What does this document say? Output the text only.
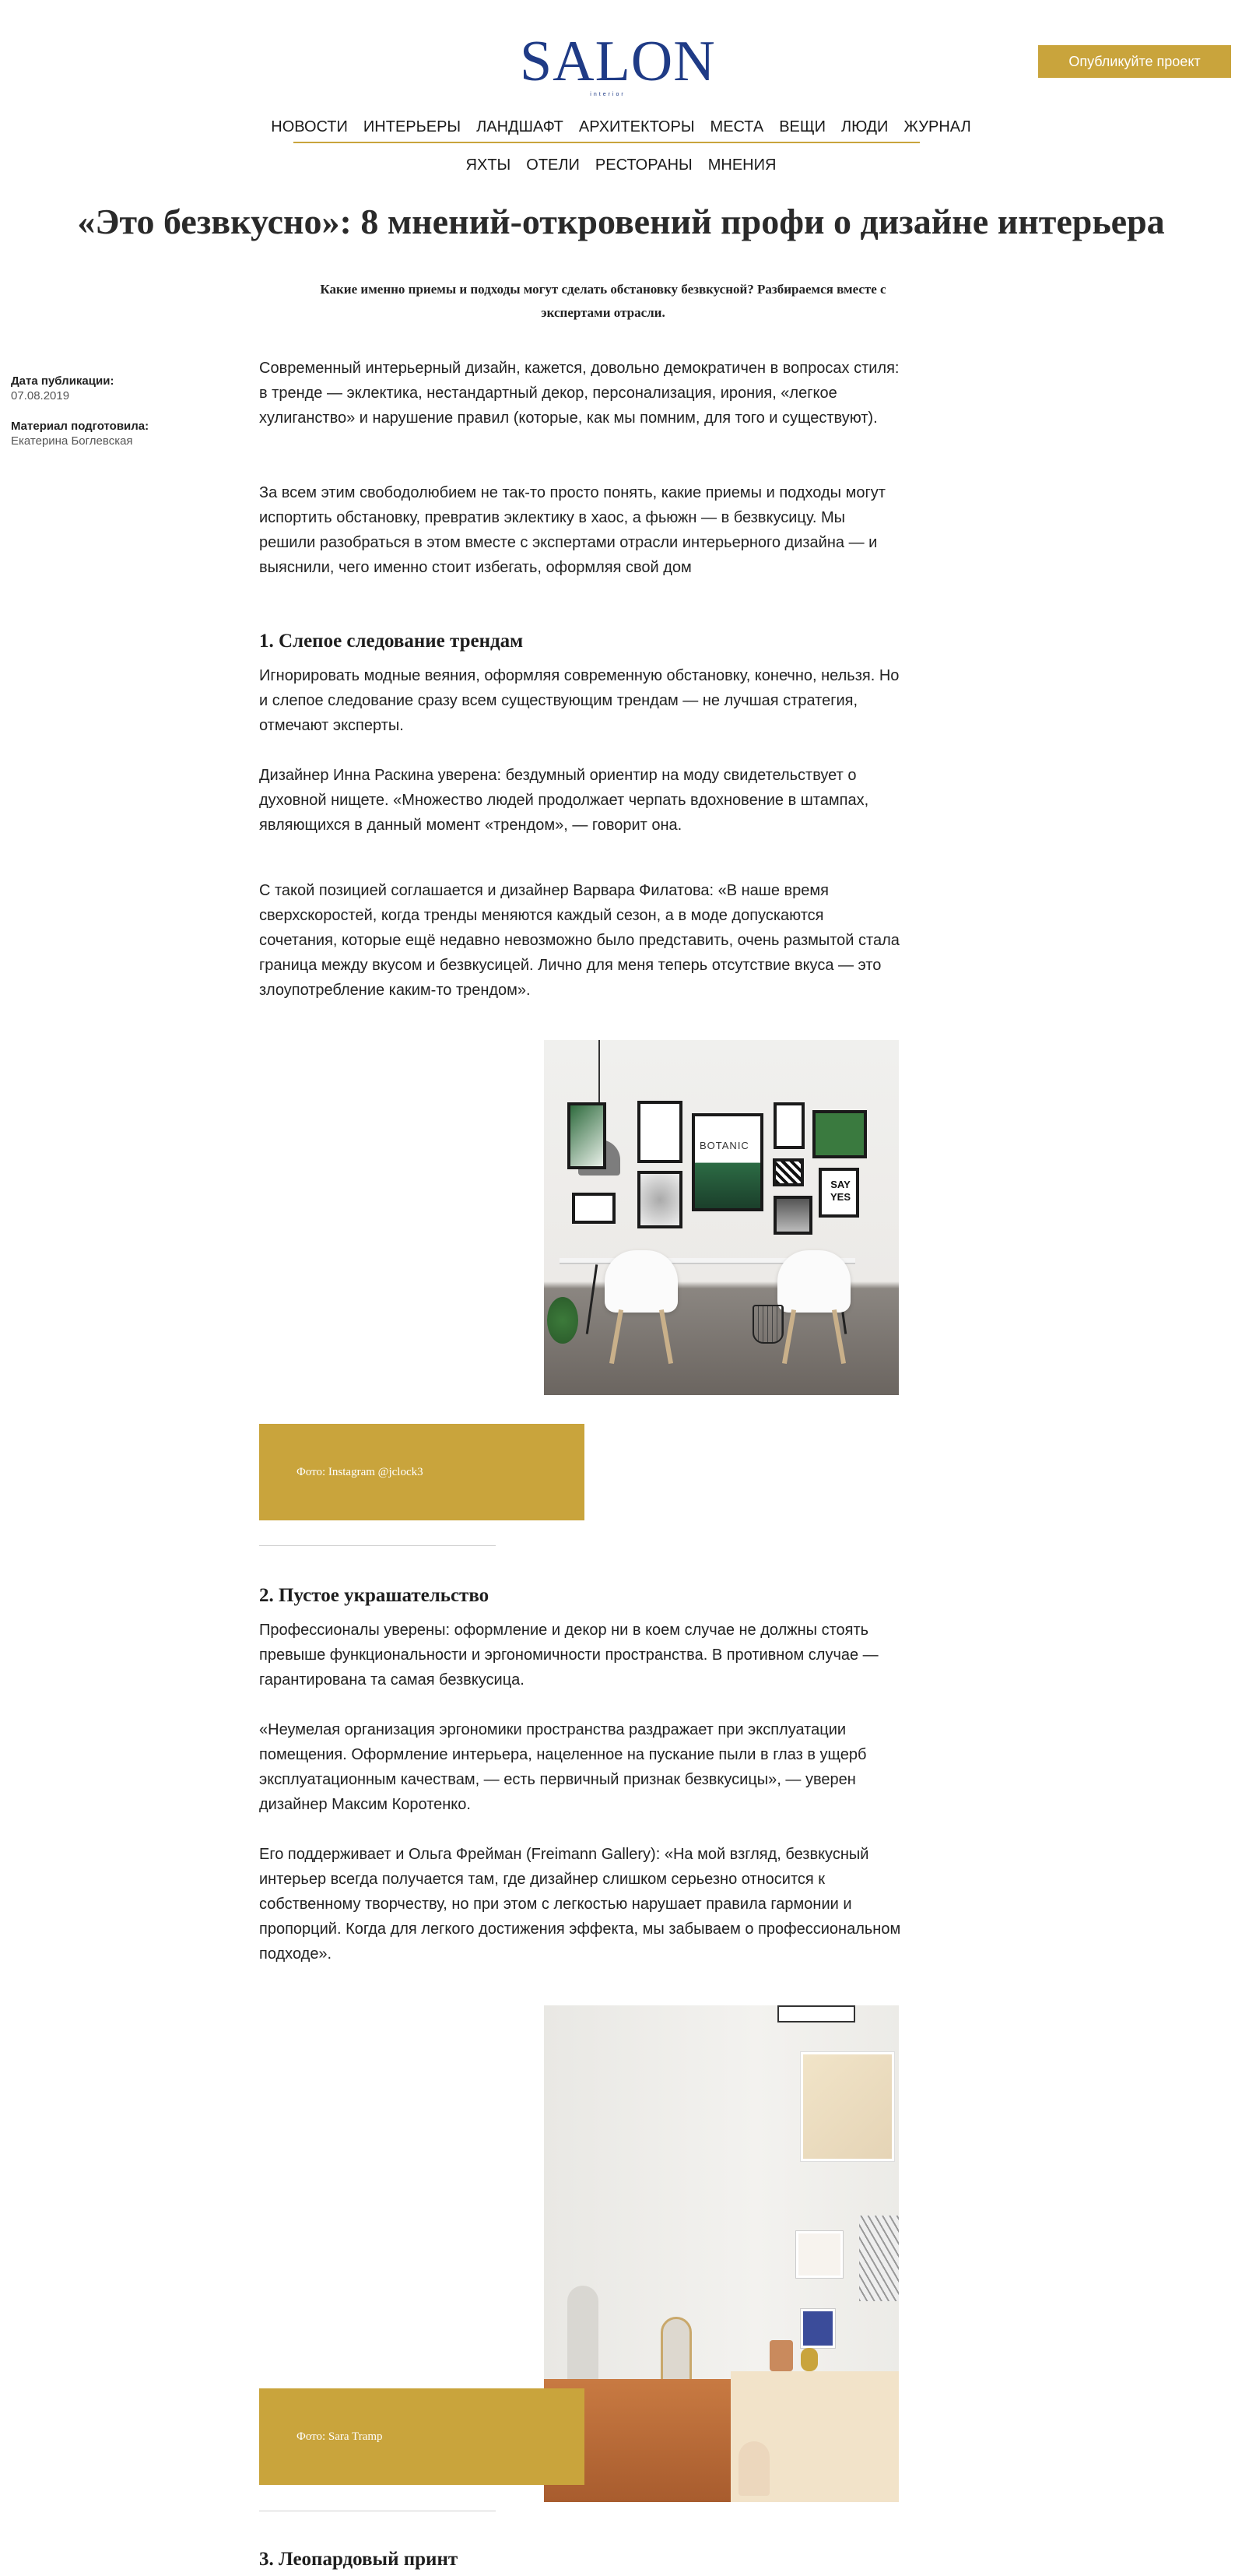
SALON
interior
Опубликуйте проект
НОВОСТИ ИНТЕРЬЕРЫ ЛАНДШАФТ АРХИТЕКТОРЫ МЕСТА ВЕЩИ ЛЮДИ ЖУРНАЛ
ЯХТЫ ОТЕЛИ РЕСТОРАНЫ МНЕНИЯ
«Это безвкусно»: 8 мнений-откровений профи о дизайне интерьера

Какие именно приемы и подходы могут сделать обстановку безвкусной? Разбираемся вместе с экспертами отрасли.

Дата публикации:
07.08.2019
Материал подготовила:
Екатерина Боглевская

Современный интерьерный дизайн, кажется, довольно демократичен в вопросах стиля: в тренде — эклектика, нестандартный декор, персонализация, ирония, «легкое хулиганство» и нарушение правил (которые, как мы помним, для того и существуют).

За всем этим свободолюбием не так-то просто понять, какие приемы и подходы могут испортить обстановку, превратив эклектику в хаос, а фьюжн — в безвкусицу. Мы решили разобраться в этом вместе с экспертами отрасли интерьерного дизайна — и выяснили, чего именно стоит избегать, оформляя свой дом

1. Слепое следование трендам

Игнорировать модные веяния, оформляя современную обстановку, конечно, нельзя. Но и слепое следование сразу всем существующим трендам — не лучшая стратегия, отмечают эксперты.

Дизайнер Инна Раскина уверена: бездумный ориентир на моду свидетельствует о духовной нищете. «Множество людей продолжает черпать вдохновение в штампах, являющихся в данный момент «трендом», — говорит она.

С такой позицией соглашается и дизайнер Варвара Филатова: «В наше время сверхскоростей, когда тренды меняются каждый сезон, а в моде допускаются сочетания, которые ещё недавно невозможно было представить, очень размытой стала граница между вкусом и безвкусицей. Лично для меня теперь отсутствие вкуса — это злоупотребление каким-то трендом».

BOTANIC
SAY YES
Фото: Instagram @jclock3
2. Пустое украшательство

Профессионалы уверены: оформление и декор ни в коем случае не должны стоять превыше функциональности и эргономичности пространства. В противном случае — гарантирована та самая безвкусица.

«Неумелая организация эргономики пространства раздражает при эксплуатации помещения. Оформление интерьера, нацеленное на пускание пыли в глаз в ущерб эксплуатационным качествам, — есть первичный признак безвкусицы», — уверен дизайнер Максим Коротенко.

Его поддерживает и Ольга Фрейман (Freimann Gallery): «На мой взгляд, безвкусный интерьер всегда получается там, где дизайнер слишком серьезно относится к собственному творчеству, но при этом с легкостью нарушает правила гармонии и пропорций. Когда для легкого достижения эффекта, мы забываем о профессиональном подходе».

Фото: Sara Tramp
3. Леопардовый принт
